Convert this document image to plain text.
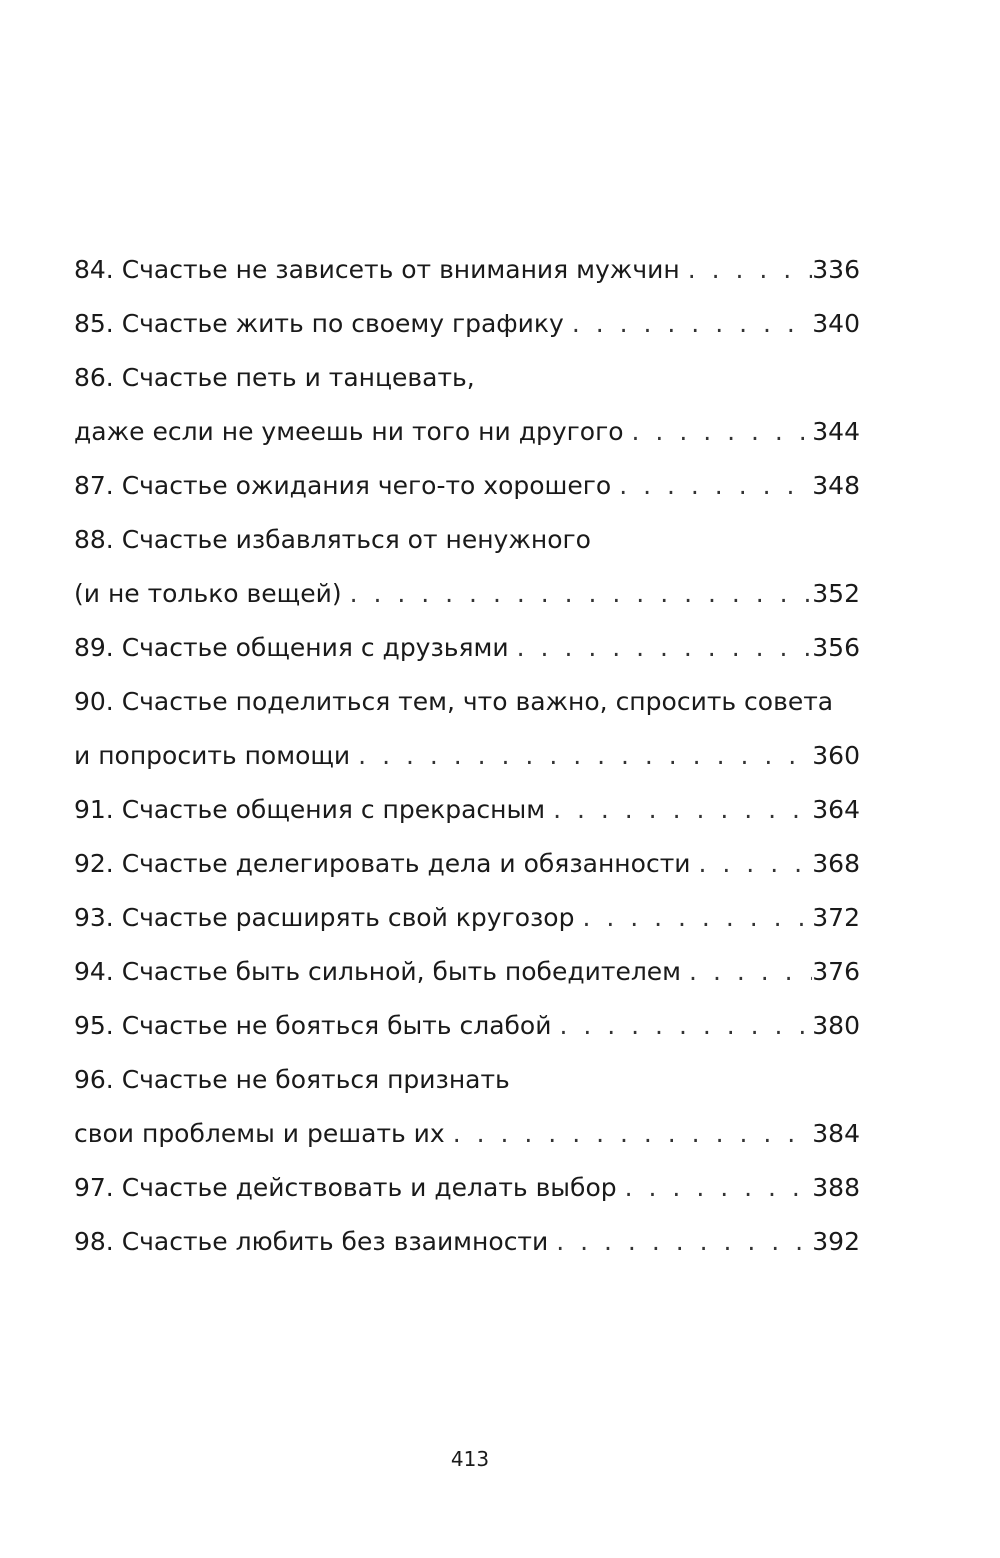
84. Счастье не зависеть от внимания мужчин . . .	336
85. Счастье жить по своему графику . . .	340
86. Счастье петь и танцевать,
даже если не умеешь ни того ни другого . . .	344
87. Счастье ожидания чего-то хорошего . . .	348
88. Счастье избавляться от ненужного
(и не только вещей) . . .	352
89. Счастье общения с друзьями . . .	356
90. Счастье поделиться тем, что важно, спросить совета
и попросить помощи . . .	360
91. Счастье общения с прекрасным . . .	364
92. Счастье делегировать дела и обязанности . . .	368
93. Счастье расширять свой кругозор . . .	372
94. Счастье быть сильной, быть победителем . . .	376
95. Счастье не бояться быть слабой . . .	380
96. Счастье не бояться признать
свои проблемы и решать их . . .	384
97. Счастье действовать и делать выбор . . .	388
98. Счастье любить без взаимности . . .	392
413
